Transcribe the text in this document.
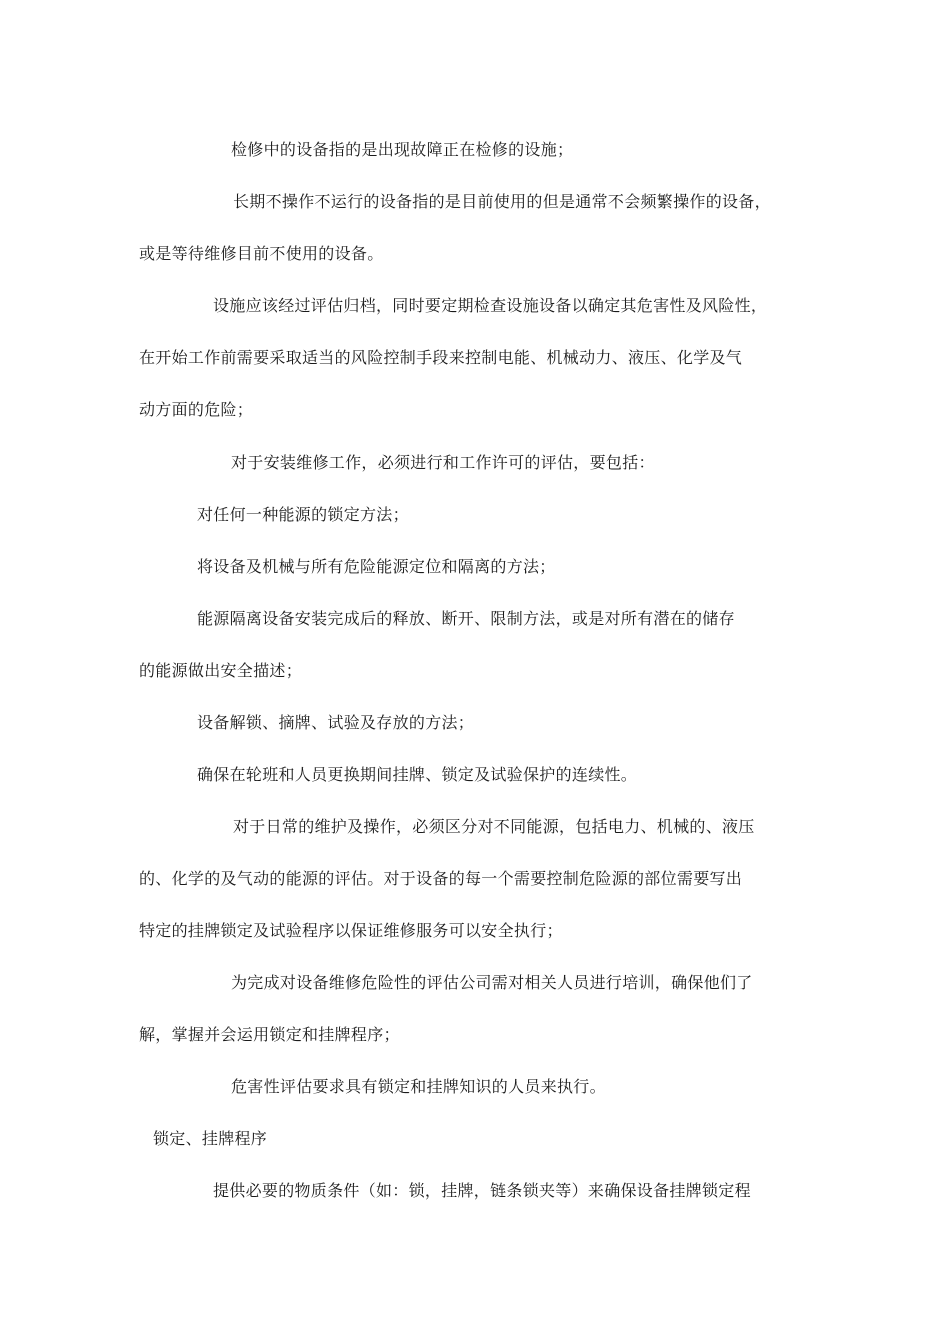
检修中的设备指的是出现故障正在检修的设施；
长期不操作不运行的设备指的是目前使用的但是通常不会频繁操作的设备，
或是等待维修目前不使用的设备。
设施应该经过评估归档，同时要定期检查设施设备以确定其危害性及风险性，
在开始工作前需要采取适当的风险控制手段来控制电能、机械动力、液压、化学及气
动方面的危险；
对于安装维修工作，必须进行和工作许可的评估，要包括：
对任何一种能源的锁定方法；
将设备及机械与所有危险能源定位和隔离的方法；
能源隔离设备安装完成后的释放、断开、限制方法，或是对所有潜在的储存
的能源做出安全描述；
设备解锁、摘牌、试验及存放的方法；
确保在轮班和人员更换期间挂牌、锁定及试验保护的连续性。
对于日常的维护及操作，必须区分对不同能源，包括电力、机械的、液压
的、化学的及气动的能源的评估。对于设备的每一个需要控制危险源的部位需要写出
特定的挂牌锁定及试验程序以保证维修服务可以安全执行；
为完成对设备维修危险性的评估公司需对相关人员进行培训，确保他们了
解，掌握并会运用锁定和挂牌程序；
危害性评估要求具有锁定和挂牌知识的人员来执行。
锁定、挂牌程序
提供必要的物质条件（如：锁，挂牌，链条锁夹等）来确保设备挂牌锁定程
